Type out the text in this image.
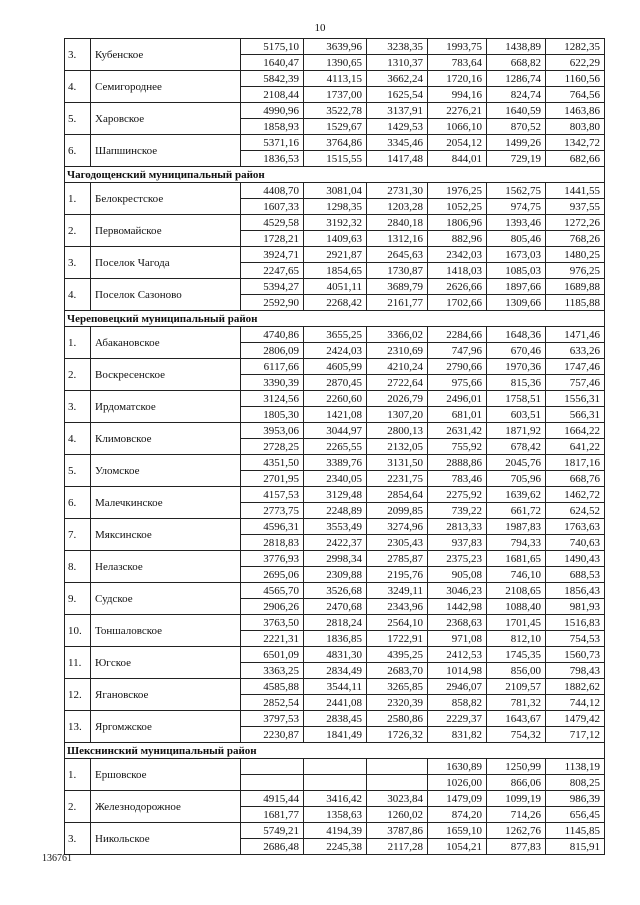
10
3.	Кубенское	5175,10	3639,96	3238,35	1993,75	1438,89	1282,35
		1640,47	1390,65	1310,37	783,64	668,82	622,29
4.	Семигороднее	5842,39	4113,15	3662,24	1720,16	1286,74	1160,56
		2108,44	1737,00	1625,54	994,16	824,74	764,56
5.	Харовское	4990,96	3522,78	3137,91	2276,21	1640,59	1463,86
		1858,93	1529,67	1429,53	1066,10	870,52	803,80
6.	Шапшинское	5371,16	3764,86	3345,46	2054,12	1499,26	1342,72
		1836,53	1515,55	1417,48	844,01	729,19	682,66
Чагодощенский муниципальный район							
1.	Белокрестское	4408,70	3081,04	2731,30	1976,25	1562,75	1441,55
		1607,33	1298,35	1203,28	1052,25	974,75	937,55
2.	Первомайское	4529,58	3192,32	2840,18	1806,96	1393,46	1272,26
		1728,21	1409,63	1312,16	882,96	805,46	768,26
3.	Поселок Чагода	3924,71	2921,87	2645,63	2342,03	1673,03	1480,25
		2247,65	1854,65	1730,87	1418,03	1085,03	976,25
4.	Поселок Сазоново	5394,27	4051,11	3689,79	2626,66	1897,66	1689,88
		2592,90	2268,42	2161,77	1702,66	1309,66	1185,88
Череповецкий муниципальный район							
1.	Абакановское	4740,86	3655,25	3366,02	2284,66	1648,36	1471,46
		2806,09	2424,03	2310,69	747,96	670,46	633,26
2.	Воскресенское	6117,66	4605,99	4210,24	2790,66	1970,36	1747,46
		3390,39	2870,45	2722,64	975,66	815,36	757,46
3.	Ирдоматское	3124,56	2260,60	2026,79	2496,01	1758,51	1556,31
		1805,30	1421,08	1307,20	681,01	603,51	566,31
4.	Климовское	3953,06	3044,97	2800,13	2631,42	1871,92	1664,22
		2728,25	2265,55	2132,05	755,92	678,42	641,22
5.	Уломское	4351,50	3389,76	3131,50	2888,86	2045,76	1817,16
		2701,95	2340,05	2231,75	783,46	705,96	668,76
6.	Малечкинское	4157,53	3129,48	2854,64	2275,92	1639,62	1462,72
		2773,75	2248,89	2099,85	739,22	661,72	624,52
7.	Мяксинское	4596,31	3553,49	3274,96	2813,33	1987,83	1763,63
		2818,83	2422,37	2305,43	937,83	794,33	740,63
8.	Нелазское	3776,93	2998,34	2785,87	2375,23	1681,65	1490,43
		2695,06	2309,88	2195,76	905,08	746,10	688,53
9.	Судское	4565,70	3526,68	3249,11	3046,23	2108,65	1856,43
		2906,26	2470,68	2343,96	1442,98	1088,40	981,93
10.	Тоншаловское	3763,50	2818,24	2564,10	2368,63	1701,45	1516,83
		2221,31	1836,85	1722,91	971,08	812,10	754,53
11.	Югское	6501,09	4831,30	4395,25	2412,53	1745,35	1560,73
		3363,25	2834,49	2683,70	1014,98	856,00	798,43
12.	Ягановское	4585,88	3544,11	3265,85	2946,07	2109,57	1882,62
		2852,54	2441,08	2320,39	858,82	781,32	744,12
13.	Яргомжское	3797,53	2838,45	2580,86	2229,37	1643,67	1479,42
		2230,87	1841,49	1726,32	831,82	754,32	717,12
Шекснинский муниципальный район							
1.	Ершовское				1630,89	1250,99	1138,19
					1026,00	866,06	808,25
2.	Железнодорожное	4915,44	3416,42	3023,84	1479,09	1099,19	986,39
		1681,77	1358,63	1260,02	874,20	714,26	656,45
3.	Никольское	5749,21	4194,39	3787,86	1659,10	1262,76	1145,85
		2686,48	2245,38	2117,28	1054,21	877,83	815,91
136761
